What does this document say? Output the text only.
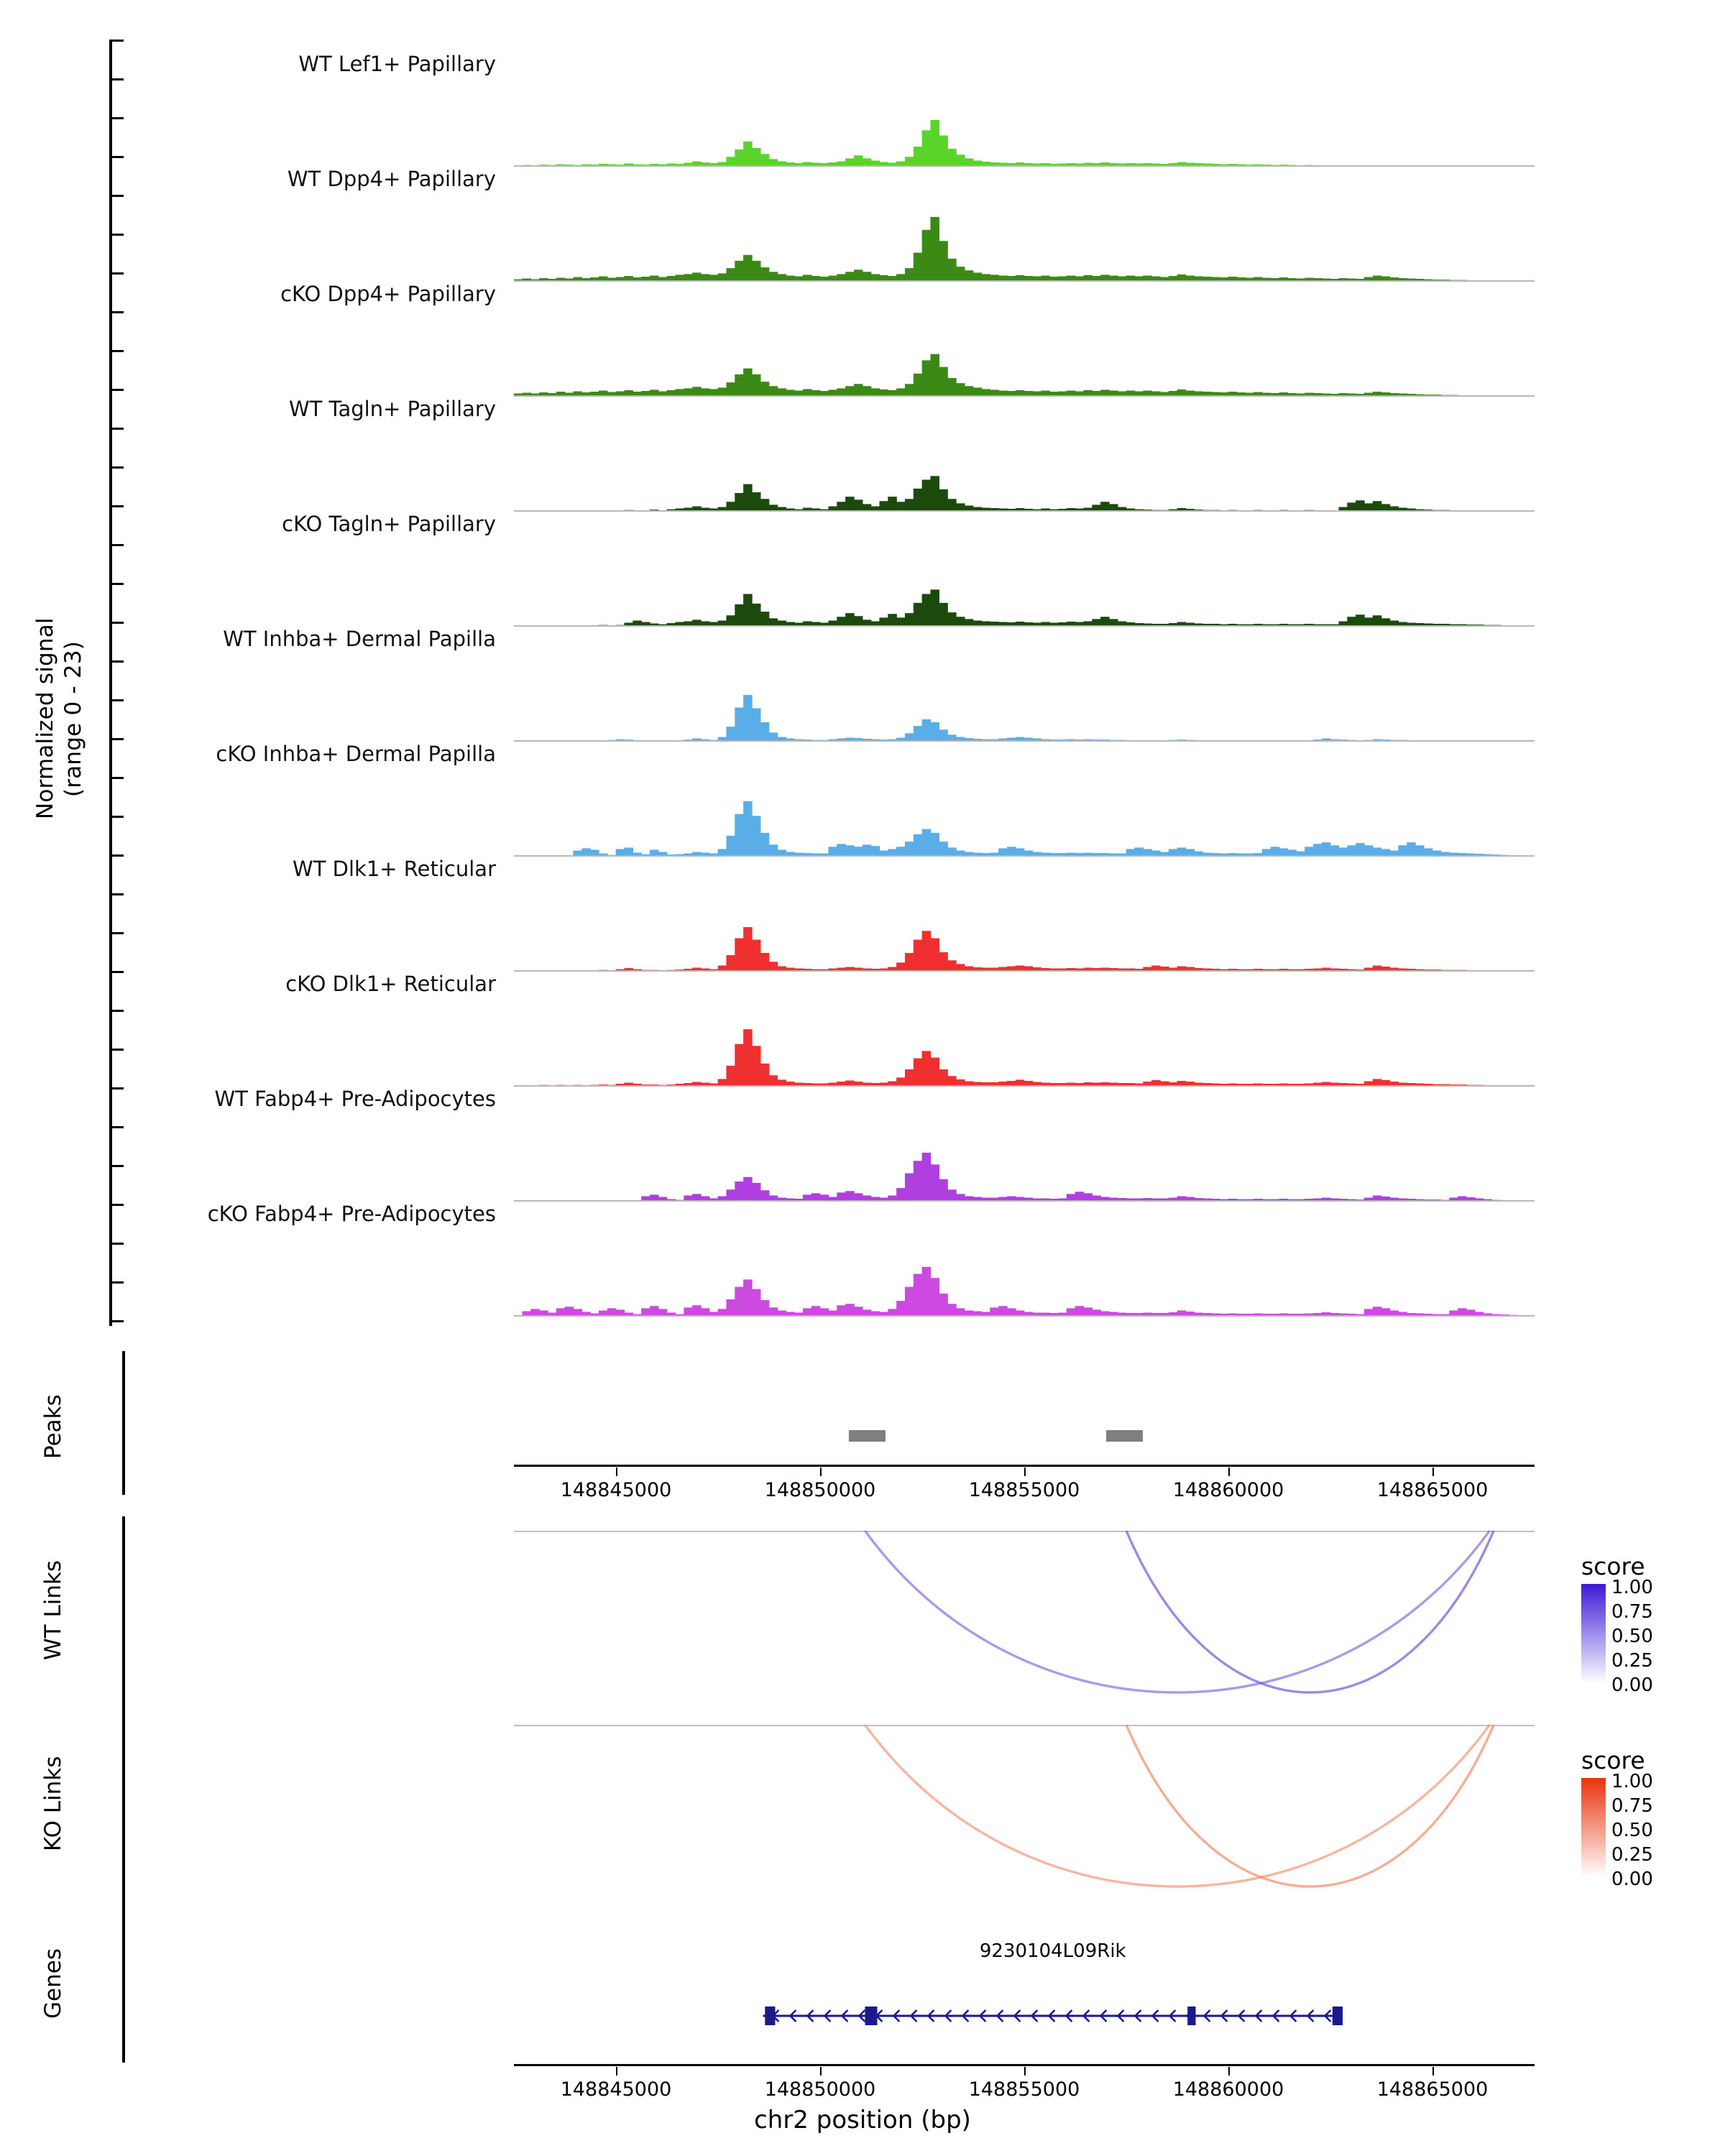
Normalized signal
(range 0 - 23)
WT Lef1+ Papillary
WT Dpp4+ Papillary
cKO Dpp4+ Papillary
WT Tagln+ Papillary
cKO Tagln+ Papillary
WT Inhba+ Dermal Papilla
cKO Inhba+ Dermal Papilla
WT Dlk1+ Reticular
cKO Dlk1+ Reticular
WT Fabp4+ Pre-Adipocytes
cKO Fabp4+ Pre-Adipocytes
Peaks
148845000	148850000	148855000	148860000	148865000
WT Links	score
1.00
0.75
0.50
0.25
0.00
KO Links	score
1.00
0.75
0.50
0.25
0.00
Genes	9230104L09Rik
148845000	148850000	148855000	148860000	148865000
chr2 position (bp)
